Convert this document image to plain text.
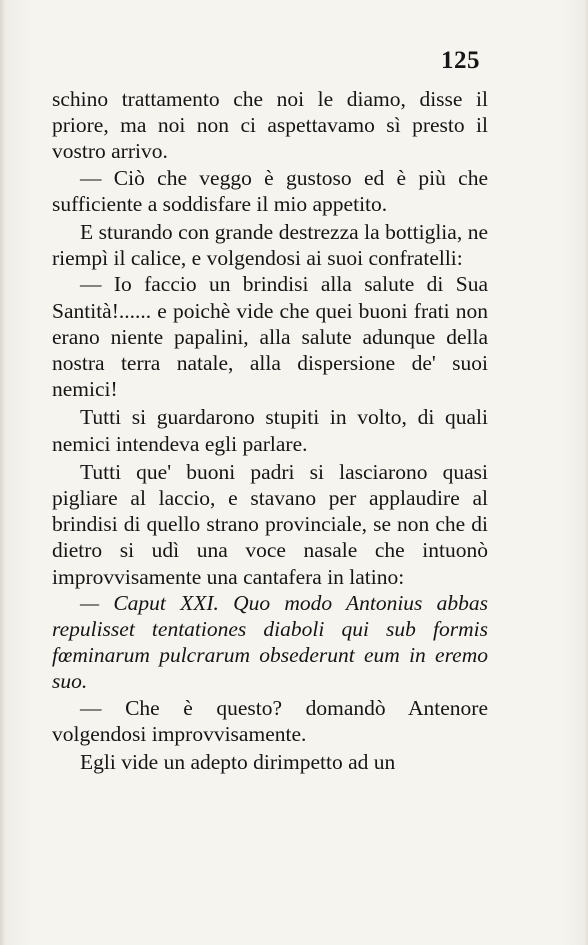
125

schino trattamento che noi le diamo, disse il priore, ma noi non ci aspettavamo sì presto il vostro arrivo.

— Ciò che veggo è gustoso ed è più che sufficiente a soddisfare il mio appetito.

E sturando con grande destrezza la bottiglia, ne riempì il calice, e volgendosi ai suoi confratelli:

— Io faccio un brindisi alla salute di Sua Santità!...... e poichè vide che quei buoni frati non erano niente papalini, alla salute adunque della nostra terra natale, alla dispersione de' suoi nemici!

Tutti si guardarono stupiti in volto, di quali nemici intendeva egli parlare.

Tutti que' buoni padri si lasciarono quasi pigliare al laccio, e stavano per applaudire al brindisi di quello strano provinciale, se non che di dietro si udì una voce nasale che intuonò improvvisamente una cantafera in latino:

— Caput XXI. Quo modo Antonius abbas repulisset tentationes diaboli qui sub formis fœminarum pulcrarum obsederunt eum in eremo suo.

— Che è questo? domandò Antenore volgendosi improvvisamente.

Egli vide un adepto dirimpetto ad un
